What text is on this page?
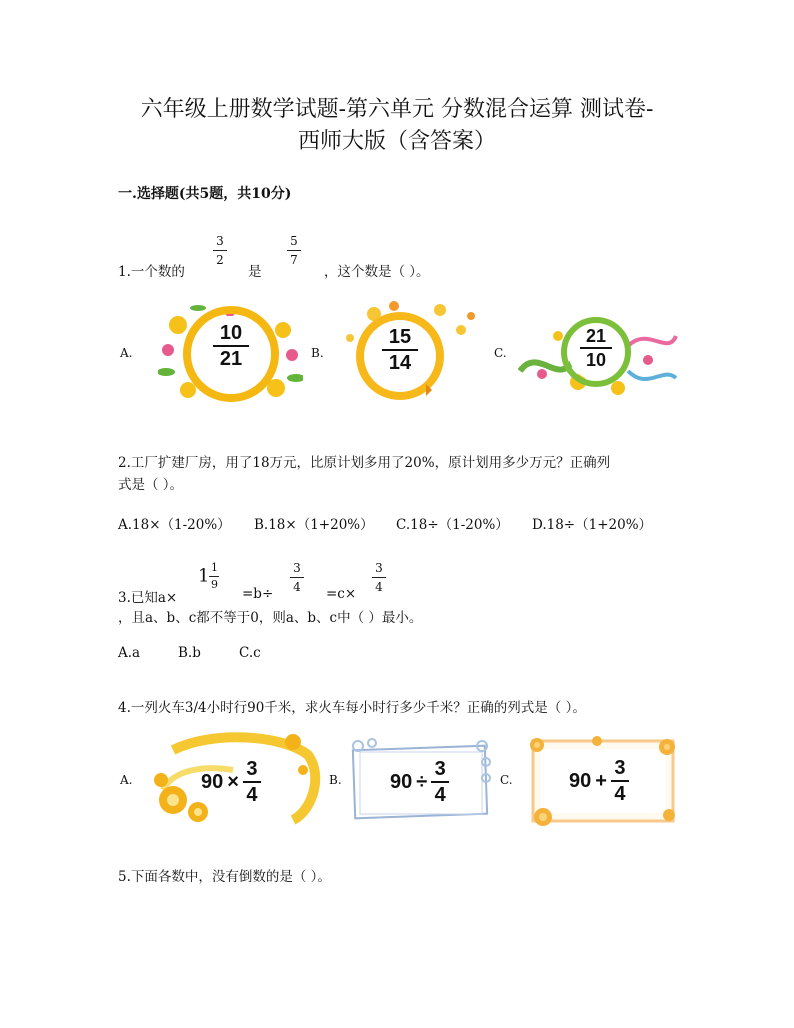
六年级上册数学试题-第六单元 分数混合运算 测试卷-
西师大版（含答案）
一.选择题(共5题，共10分)
1.一个数的
3
2
是
5
7
，这个数是（ ）。
A.
10
21	B.
15
14	C.
21
10
2.工厂扩建厂房，用了18万元，比原计划多用了20%，原计划用多少万元？正确列
式是（ ）。
A.18×（1-20%） B.18×（1+20%） C.18÷（1-20%） D.18÷（1+20%）
3.已知a×
$1\frac{1}{9}$
=b÷
3
4 =c×
3
4
，且a、b、c都不等于0，则a、b、c中（ ）最小。
A.a	B.b	C.c
4.一列火车3/4小时行90千米，求火车每小时行多少千米？正确的列式是（ ）。
A.	90 ×
3
4
B. 90 ÷
3
4
C.	90 +
3
4
5.下面各数中，没有倒数的是（ ）。
